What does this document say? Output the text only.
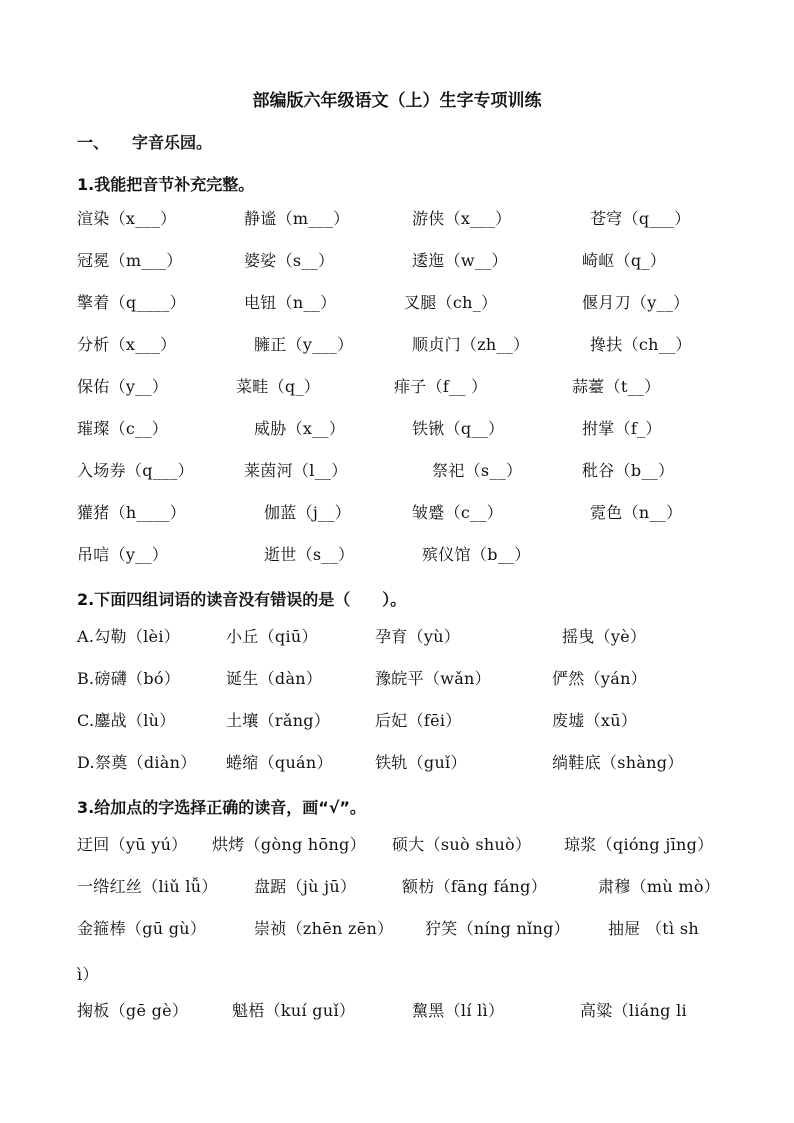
部编版六年级语文（上）生字专项训练
一、 字音乐园。
1.我能把音节补充完整。
渲染（x___）	静谧（m___）	游侠（x___）	苍穹（q___）
冠冕（m___）	婆娑（s__）	逶迤（w__）	崎岖（q_）
擎着（q____）	电钮（n__）	叉腿（ch_）	偃月刀（y__）
分析（x___）	臃正（y___）	顺贞门（zh__）	搀扶（ch__）
保佑（y__）	菜畦（q_）	痱子（f__ ）	蒜薹（t__）
璀璨（c__）	威胁（x__）	铁锹（q__）	拊掌（f_）
入场券（q___）	莱茵河（l__）	祭祀（s__）	秕谷（b__）
獾猪（h____）	伽蓝（j__）	皱蹙（c__）	霓色（n__）
吊唁（y__）	逝世（s__）	殡仪馆（b__）
2.下面四组词语的读音没有错误的是（　　）。
A.勾勒（lèi）	小丘（qiū）	孕育（yù）	摇曳（yè）
B.磅礴（bó）	诞生（dàn）	豫皖平（wǎn）	俨然（yán）
C.鏖战（lù）	土壤（rǎng）	后妃（fēi）	废墟（xū）
D.祭奠（diàn） 蜷缩（quán）	铁轨（guǐ）	绱鞋底（shàng）
3.给加点的字选择正确的读音，画“√”。
迂回（yū yú） 烘烤（gòng hōng） 硕大（suò shuò） 琼浆（qióng jīng）
一绺红丝（liǔ lǚ） 盘踞（jù jū）	额枋（fāng fáng）	肃穆（mù mò）
金箍棒（gū gù）	崇祯（zhēn zēn） 狞笑（níng nǐng） 抽屉 （tì sh
ì）
掬板（gē gè）	魁梧（kuí guǐ）	黧黑（lí lì）	高粱（liáng li
